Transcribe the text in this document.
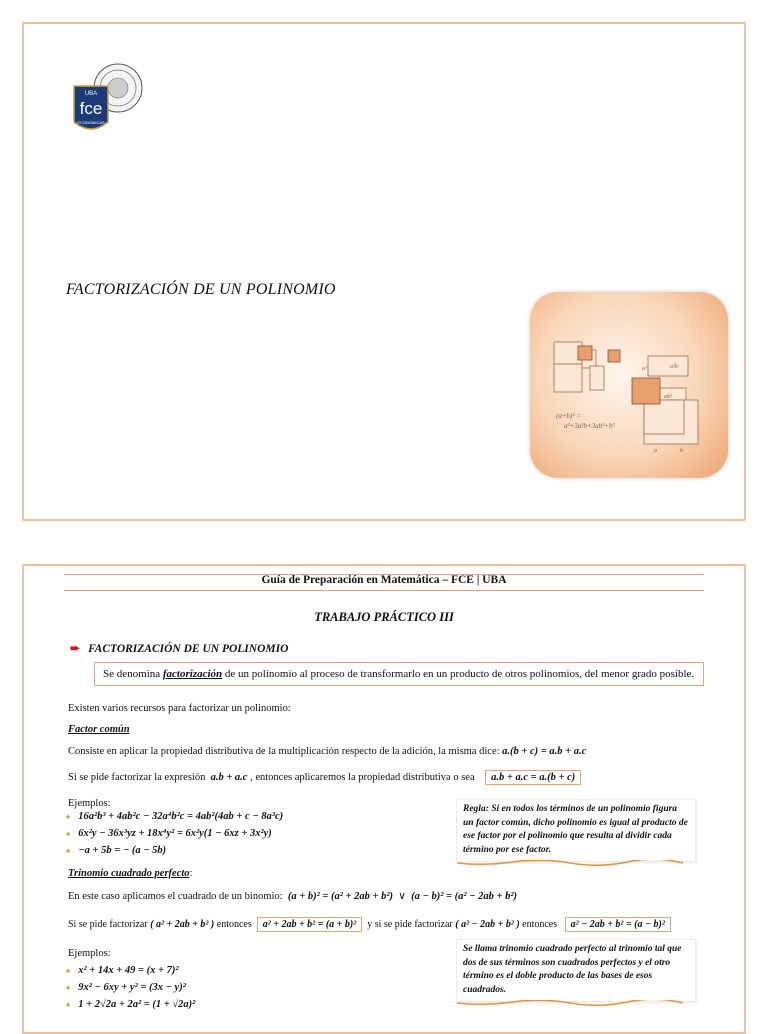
UBA
fce
ECONÓMICAS
FACTORIZACIÓN DE UN POLINOMIO
(a+b)³ =
a³+3a²b+3ab²+b³
a³	a²b
ab²
a	b
Guía de Preparación en Matemática – FCE | UBA
TRABAJO PRÁCTICO III
➨ FACTORIZACIÓN DE UN POLINOMIO
Se denomina factorización de un polinomio al proceso de transformarlo en un producto de otros polinomios, del menor grado posible.
Existen varios recursos para factorizar un polinomio:
Factor común
Consiste en aplicar la propiedad distributiva de la multiplicación respecto de la adición, la misma dice: a.(b + c) = a.b + a.c
Si se pide factorizar la expresión a.b + a.c , entonces aplicaremos la propiedad distributiva o sea a.b + a.c = a.(b + c)
Ejemplos:
♠ 16a²b³ + 4ab²c − 32a⁴b²c = 4ab²(4ab + c − 8a³c)
♠ 6x²y − 36x³yz + 18x⁴y² = 6x²y(1 − 6xz + 3x²y)
♠ −a + 5b = − (a − 5b)
Regla: Si en todos los términos de un polinomio figura un factor común, dicho polinomio es igual al producto de ese factor por el polinomio que resulta al dividir cada término por ese factor.
Trinomio cuadrado perfecto:
En este caso aplicamos el cuadrado de un binomio: (a + b)² = (a² + 2ab + b²) ∨ (a − b)² = (a² − 2ab + b²)
Si se pide factorizar ( a² + 2ab + b² ) entonces a² + 2ab + b² = (a + b)² y si se pide factorizar ( a² − 2ab + b² ) entonces a² − 2ab + b² = (a − b)²
Ejemplos:
♠ x² + 14x + 49 = (x + 7)²
♠ 9x² − 6xy + y² = (3x − y)²
♠ 1 + 2√2a + 2a² = (1 + √2a)²
Se llama trinomio cuadrado perfecto al trinomio tal que dos de sus términos son cuadrados perfectos y el otro término es el doble producto de las bases de esos cuadrados.
